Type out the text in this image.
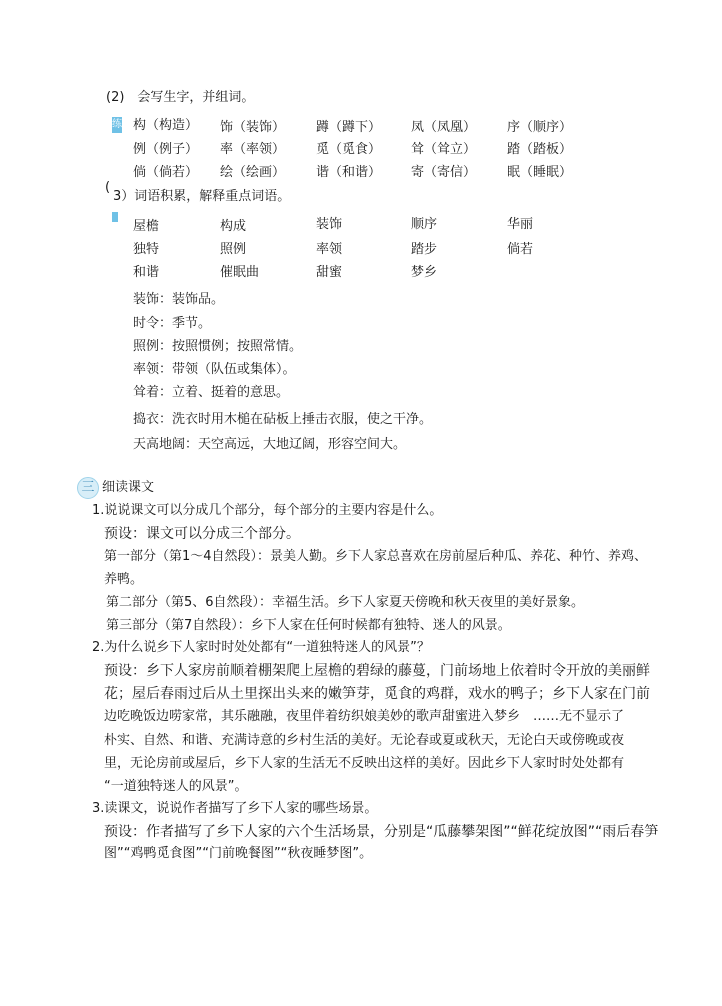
(2)　会写生字，并组词。
练 构（构造） 饰（装饰） 蹲（蹲下） 凤（凤凰） 序（顺序）
例（例子） 率（率领） 觅（觅食） 耸（耸立） 踏（踏板）
倘（倘若） 绘（绘画） 谐（和谐） 寄（寄信） 眠（睡眠）
(
3）词语积累，解释重点词语。
屋檐	构成	装饰	顺序	华丽
独特	照例	率领	踏步	倘若
和谐	催眠曲	甜蜜	梦乡
装饰：装饰品。
时令：季节。
照例：按照惯例；按照常情。
率领：带领（队伍或集体）。
耸着：立着、挺着的意思。
捣衣：洗衣时用木槌在砧板上捶击衣服，使之干净。
天高地阔：天空高远，大地辽阔，形容空间大。
三 细读课文
1.说说课文可以分成几个部分，每个部分的主要内容是什么。
预设：课文可以分成三个部分。
第一部分（第1～4自然段）：景美人勤。乡下人家总喜欢在房前屋后种瓜、养花、种竹、养鸡、
养鸭。
第二部分（第5、6自然段）：幸福生活。乡下人家夏天傍晚和秋天夜里的美好景象。
第三部分（第7自然段）：乡下人家在任何时候都有独特、迷人的风景。
2.为什么说乡下人家时时处处都有“一道独特迷人的风景”？
预设：乡下人家房前顺着棚架爬上屋檐的碧绿的藤蔓，门前场地上依着时令开放的美丽鲜
花；屋后春雨过后从土里探出头来的嫩笋芽，觅食的鸡群，戏水的鸭子；乡下人家在门前
边吃晚饭边唠家常，其乐融融，夜里伴着纺织娘美妙的歌声甜蜜进入梦乡　……无不显示了
朴实、自然、和谐、充满诗意的乡村生活的美好。无论春或夏或秋天，无论白天或傍晚或夜
里，无论房前或屋后，乡下人家的生活无不反映出这样的美好。因此乡下人家时时处处都有
“一道独特迷人的风景”。
3.读课文，说说作者描写了乡下人家的哪些场景。
预设：作者描写了乡下人家的六个生活场景，分别是“瓜藤攀架图”“鲜花绽放图”“雨后春笋
图”“鸡鸭觅食图”“门前晚餐图”“秋夜睡梦图”。
